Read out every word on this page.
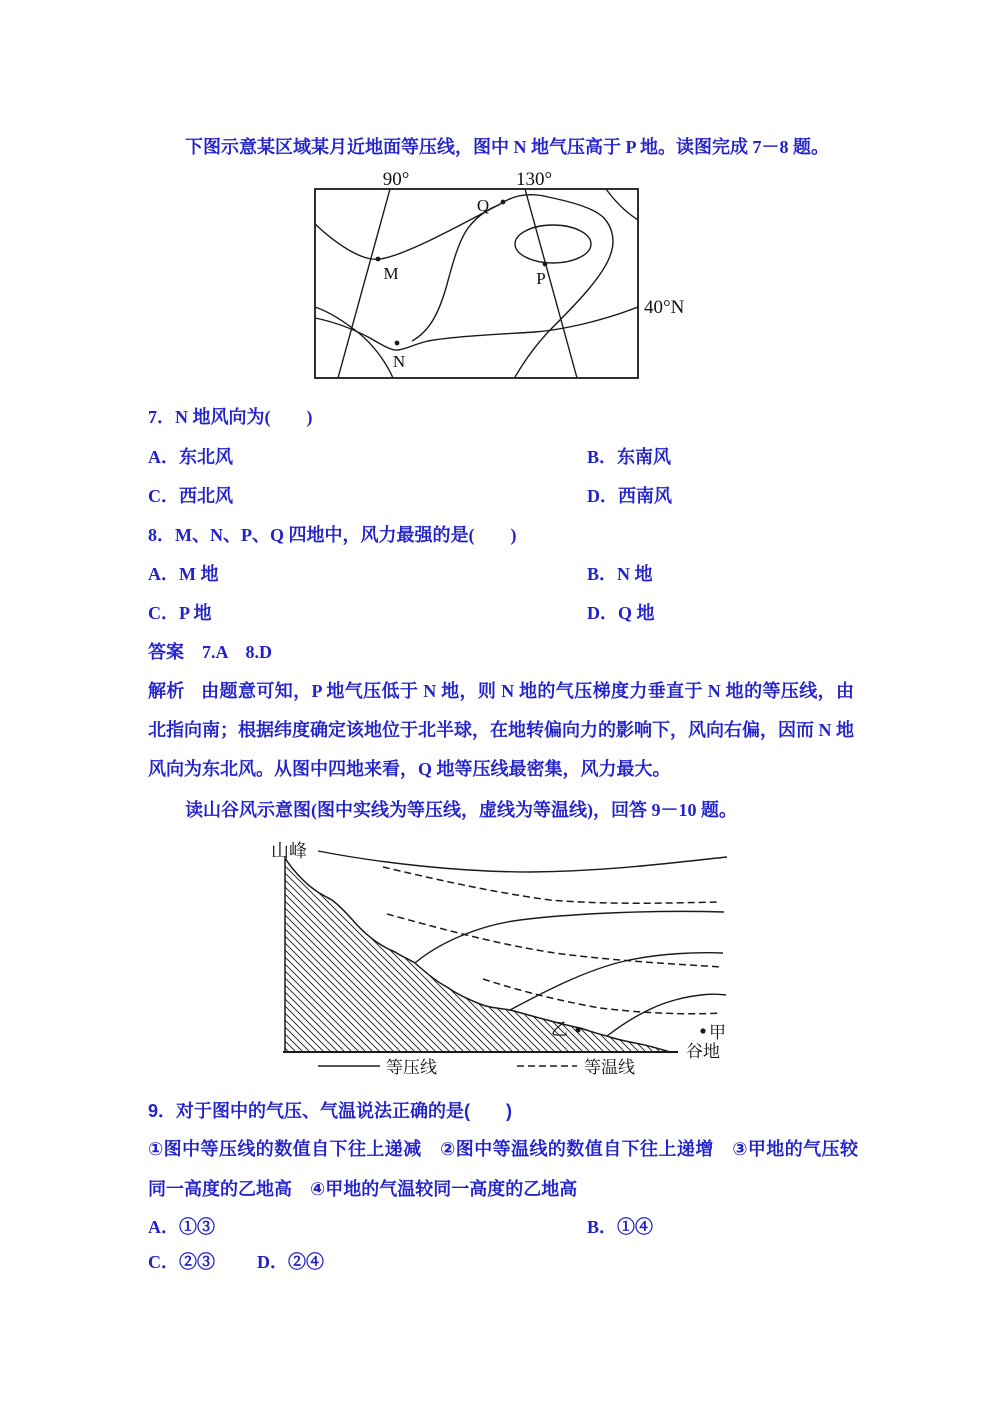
下图示意某区域某月近地面等压线，图中 N 地气压高于 P 地。读图完成 7－8 题。
90°	130°
40°N
Q
M	P
N
7．N 地风向为(　　)
A．东北风	B．东南风
C．西北风	D．西南风
8．M、N、P、Q 四地中，风力最强的是(　　)
A．M 地	B．N 地
C．P 地	D．Q 地
答案 7.A　8.D
解析 由题意可知，P 地气压低于 N 地，则 N 地的气压梯度力垂直于 N 地的等压线，由北指向南；根据纬度确定该地位于北半球，在地转偏向力的影响下，风向右偏，因而 N 地风向为东北风。从图中四地来看，Q 地等压线最密集，风力最大。
读山谷风示意图(图中实线为等压线，虚线为等温线)，回答 9－10 题。
山峰
乙	甲
谷地
等压线	等温线
9．对于图中的气压、气温说法正确的是(　　)
①图中等压线的数值自下往上递减　②图中等温线的数值自下往上递增　③甲地的气压较同一高度的乙地高　④甲地的气温较同一高度的乙地高
A．①③	B．①④
C．②③ D．②④
